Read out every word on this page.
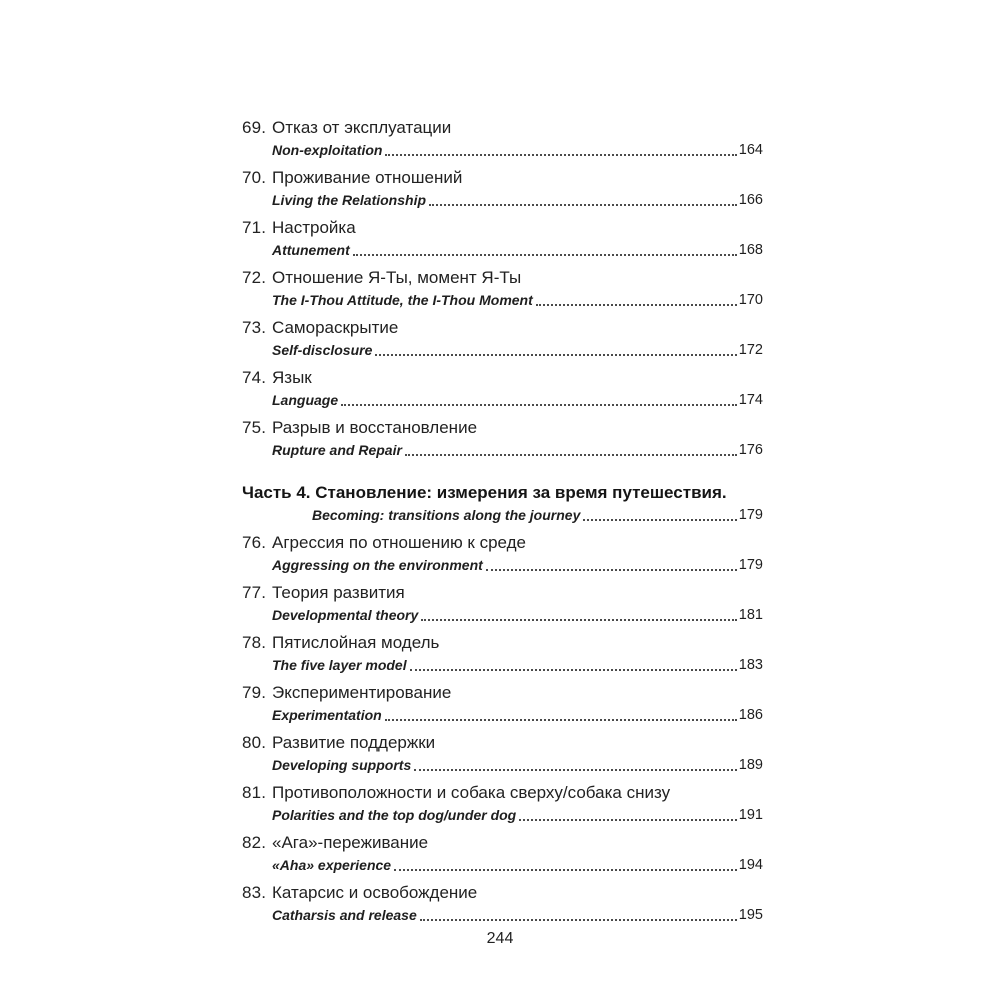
69. Отказ от эксплуатации
Non-exploitation	164
70. Проживание отношений
Living the Relationship	166
71. Настройка
Attunement	168
72. Отношение Я-Ты, момент Я-Ты
The I-Thou Attitude, the I-Thou Moment	170
73. Самораскрытие
Self-disclosure	172
74. Язык
Language	174
75. Разрыв и восстановление
Rupture and Repair	176
Часть 4. Становление: измерения за время путешествия.
Becoming: transitions along the journey	179
76. Агрессия по отношению к среде
Aggressing on the environment	179
77. Теория развития
Developmental theory	181
78. Пятислойная модель
The five layer model	183
79. Экспериментирование
Experimentation	186
80. Развитие поддержки
Developing supports	189
81. Противоположности и собака сверху/собака снизу
Polarities and the top dog/under dog	191
82. «Ага»-переживание
«Aha» experience	194
83. Катарсис и освобождение
Catharsis and release	195
244
